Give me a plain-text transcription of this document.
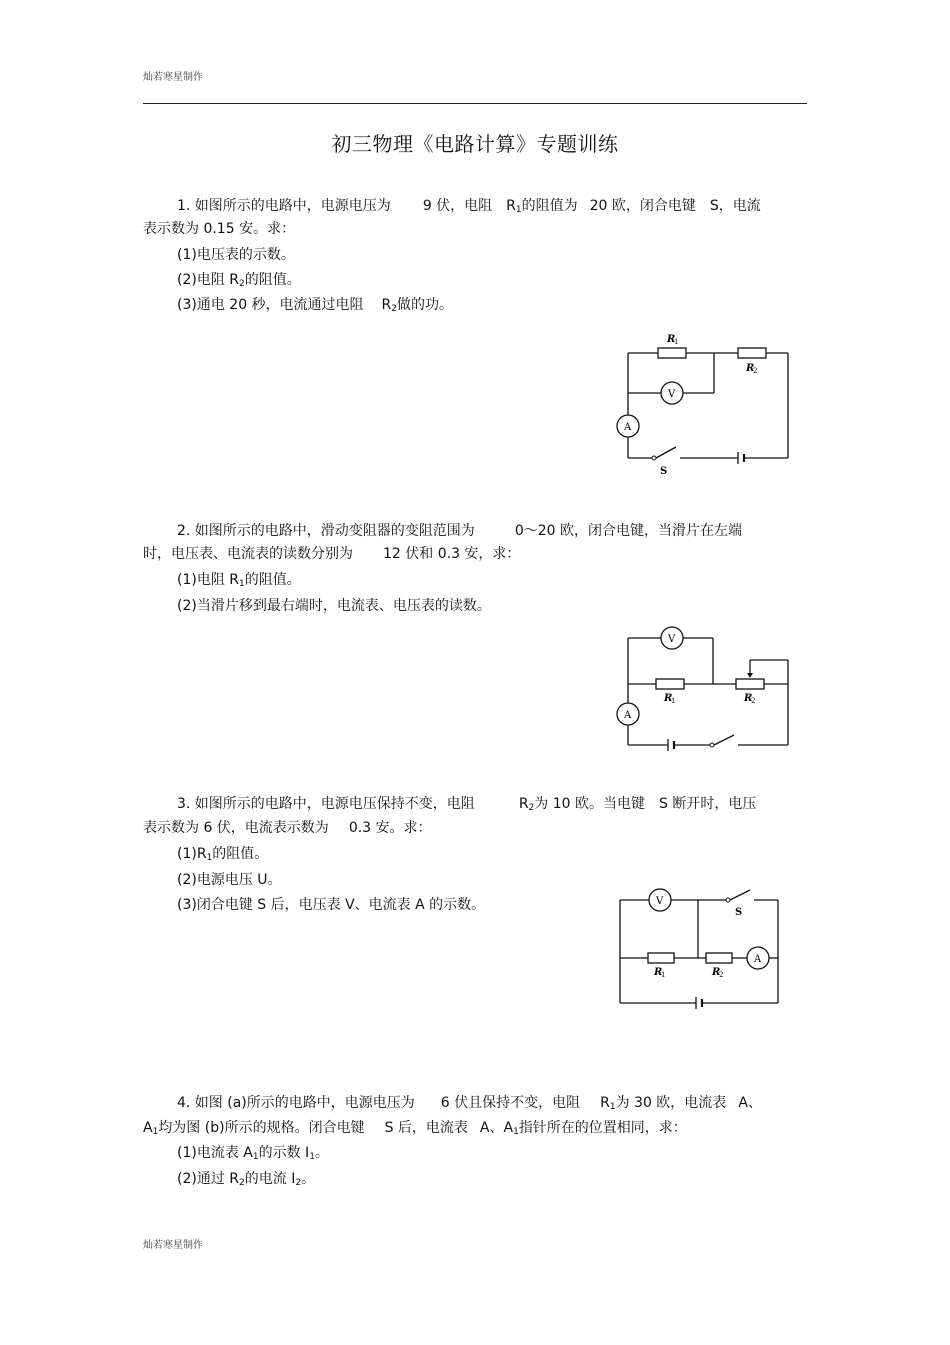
灿若寒星制作
初三物理《电路计算》专题训练
1. 如图所示的电路中，电源电压为 9 伏，电阻 $R_1$的阻值为 20 欧，闭合电键 S，电流
表示数为 0.15 安。求：
(1)电压表的示数。
(2)电阻 $R_2$的阻值。
(3)通电 20 秒，电流通过电阻 $R_2$做的功。
R
1
R
2
V
A
S
2. 如图所示的电路中，滑动变阻器的变阻范围为	0～20 欧，闭合电键，当滑片在左端
时，电压表、电流表的读数分别为 12 伏和 0.3 安，求：
(1)电阻 $R_1$的阻值。
(2)当滑片移到最右端时，电流表、电压表的读数。
V
A
R
1	R
2
3. 如图所示的电路中，电源电压保持不变，电阻	$R_2$为 10 欧。当电键 S 断开时，电压
表示数为 6 伏，电流表示数为 0.3 安。求：
$(1)R_1$的阻值。
(2)电源电压 U。
(3)闭合电键 S 后，电压表 V、电流表 A 的示数。	V
S
R
1	R
2
A
4. 如图 (a)所示的电路中，电源电压为 6 伏且保持不变，电阻 $R_1$为 30 欧，电流表 A、
$A_1$均为图 (b)所示的规格。闭合电键 S 后，电流表 A、$A_1$指针所在的位置相同，求：
(1)电流表 $A_1$的示数 $I_1$。
(2)通过 $R_2$的电流 $I_2$。
灿若寒星制作
